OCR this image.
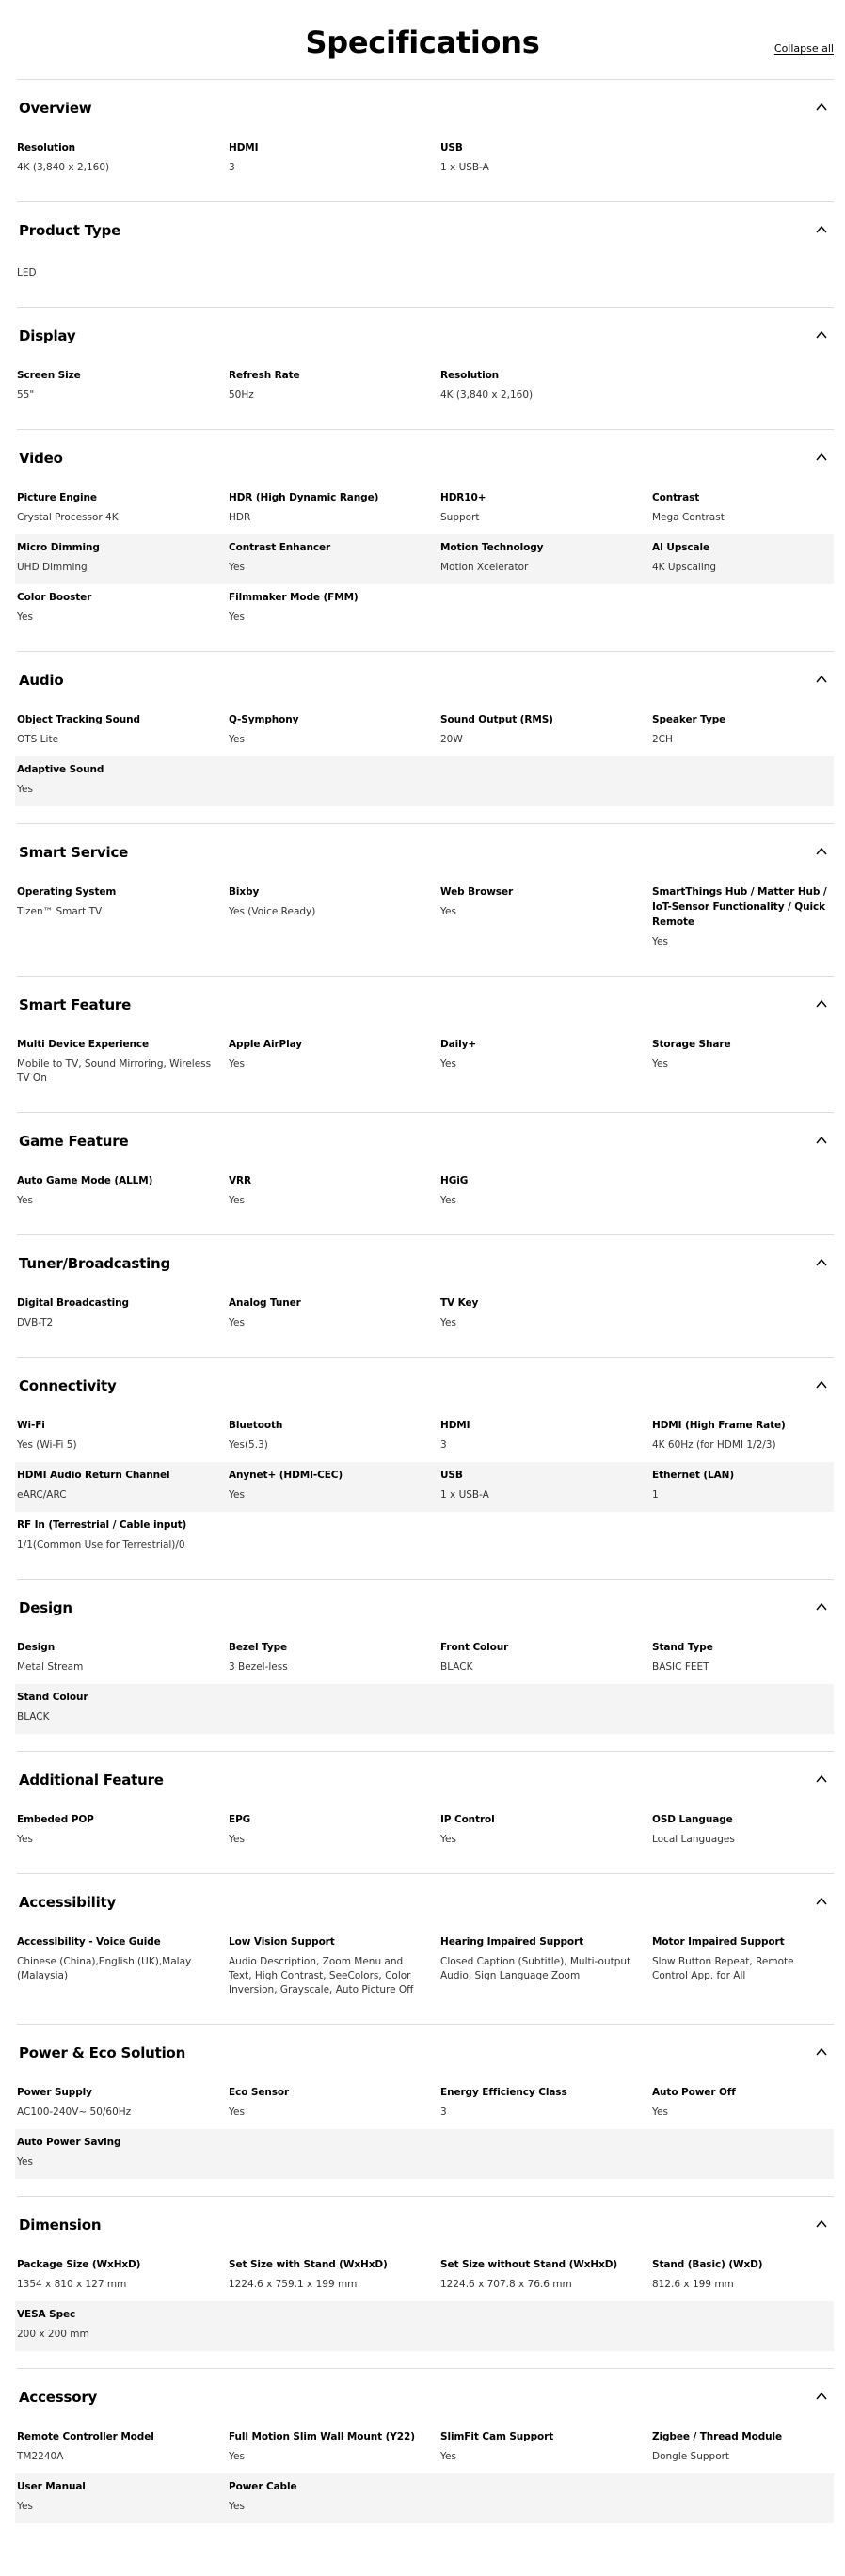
Specifications	Collapse all
Overview
Resolution
4K (3,840 x 2,160)
HDMI
3
USB
1 x USB-A
Product Type
LED
Display
Screen Size
55"
Refresh Rate
50Hz
Resolution
4K (3,840 x 2,160)
Video
Picture Engine
Crystal Processor 4K
HDR (High Dynamic Range)
HDR
HDR10+
Support
Contrast
Mega Contrast
Micro Dimming
UHD Dimming
Contrast Enhancer
Yes
Motion Technology
Motion Xcelerator
AI Upscale
4K Upscaling
Color Booster
Yes
Filmmaker Mode (FMM)
Yes
Audio
Object Tracking Sound
OTS Lite
Q-Symphony
Yes
Sound Output (RMS)
20W
Speaker Type
2CH
Adaptive Sound
Yes
Smart Service
Operating System
Tizen™ Smart TV
Bixby
Yes (Voice Ready)
Web Browser
Yes
SmartThings Hub / Matter Hub / IoT-Sensor Functionality / Quick Remote
Yes
Smart Feature
Multi Device Experience
Mobile to TV, Sound Mirroring, Wireless TV On
Apple AirPlay
Yes
Daily+
Yes
Storage Share
Yes
Game Feature
Auto Game Mode (ALLM)
Yes
VRR
Yes
HGiG
Yes
Tuner/Broadcasting
Digital Broadcasting
DVB-T2
Analog Tuner
Yes
TV Key
Yes
Connectivity
Wi-Fi
Yes (Wi-Fi 5)
Bluetooth
Yes(5.3)
HDMI
3
HDMI (High Frame Rate)
4K 60Hz (for HDMI 1/2/3)
HDMI Audio Return Channel
eARC/ARC
Anynet+ (HDMI-CEC)
Yes
USB
1 x USB-A
Ethernet (LAN)
1
RF In (Terrestrial / Cable input)
1/1(Common Use for Terrestrial)/0
Design
Design
Metal Stream
Bezel Type
3 Bezel-less
Front Colour
BLACK
Stand Type
BASIC FEET
Stand Colour
BLACK
Additional Feature
Embeded POP
Yes
EPG
Yes
IP Control
Yes
OSD Language
Local Languages
Accessibility
Accessibility - Voice Guide
Chinese (China),English (UK),Malay (Malaysia)
Low Vision Support
Audio Description, Zoom Menu and Text, High Contrast, SeeColors, Color Inversion, Grayscale, Auto Picture Off
Hearing Impaired Support
Closed Caption (Subtitle), Multi-output Audio, Sign Language Zoom
Motor Impaired Support
Slow Button Repeat, Remote Control App. for All
Power & Eco Solution
Power Supply
AC100-240V~ 50/60Hz
Eco Sensor
Yes
Energy Efficiency Class
3
Auto Power Off
Yes
Auto Power Saving
Yes
Dimension
Package Size (WxHxD)
1354 x 810 x 127 mm
Set Size with Stand (WxHxD)
1224.6 x 759.1 x 199 mm
Set Size without Stand (WxHxD)
1224.6 x 707.8 x 76.6 mm
Stand (Basic) (WxD)
812.6 x 199 mm
VESA Spec
200 x 200 mm
Accessory
Remote Controller Model
TM2240A
Full Motion Slim Wall Mount (Y22)
Yes
SlimFit Cam Support
Yes
Zigbee / Thread Module
Dongle Support
User Manual
Yes
Power Cable
Yes
